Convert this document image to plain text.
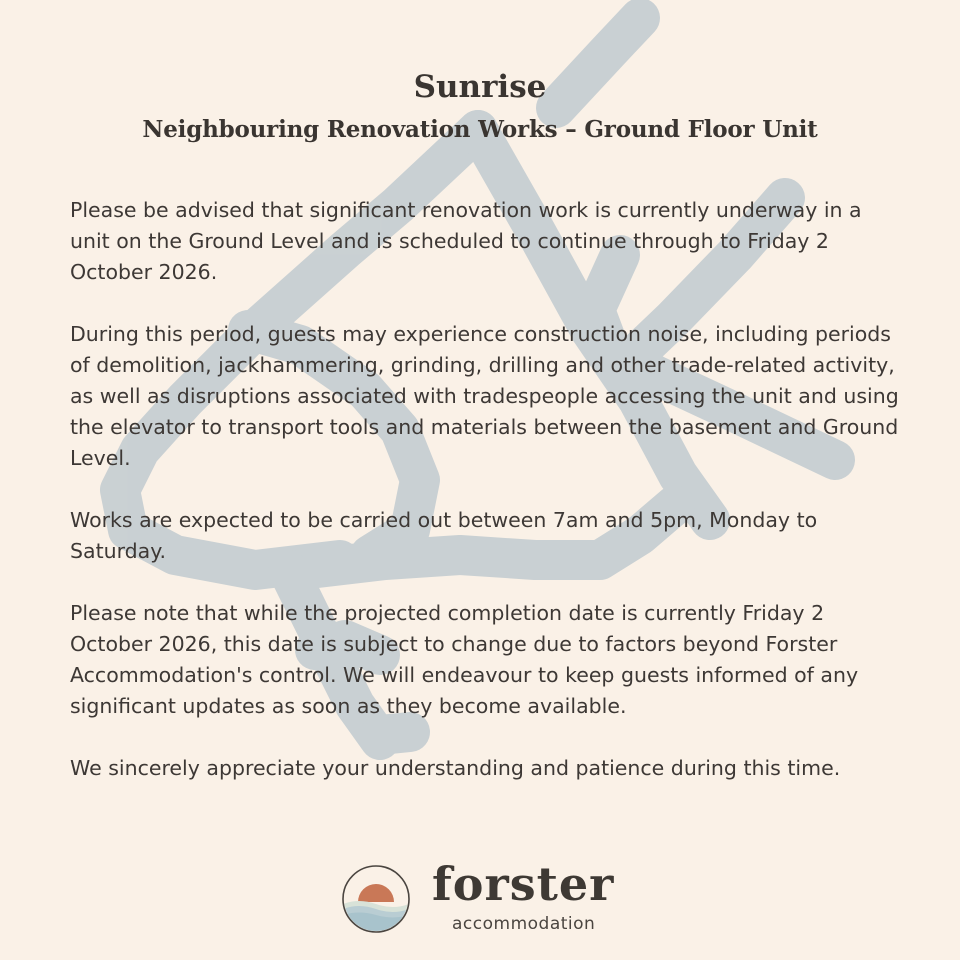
Sunrise
Neighbouring Renovation Works – Ground Floor Unit

Please be advised that significant renovation work is currently underway in a unit on the Ground Level and is scheduled to continue through to Friday 2 October 2026.

During this period, guests may experience construction noise, including periods of demolition, jackhammering, grinding, drilling and other trade-related activity, as well as disruptions associated with tradespeople accessing the unit and using the elevator to transport tools and materials between the basement and Ground Level.

Works are expected to be carried out between 7am and 5pm, Monday to Saturday.

Please note that while the projected completion date is currently Friday 2 October 2026, this date is subject to change due to factors beyond Forster Accommodation's control. We will endeavour to keep guests informed of any significant updates as soon as they become available.

We sincerely appreciate your understanding and patience during this time.

forster
accommodation
